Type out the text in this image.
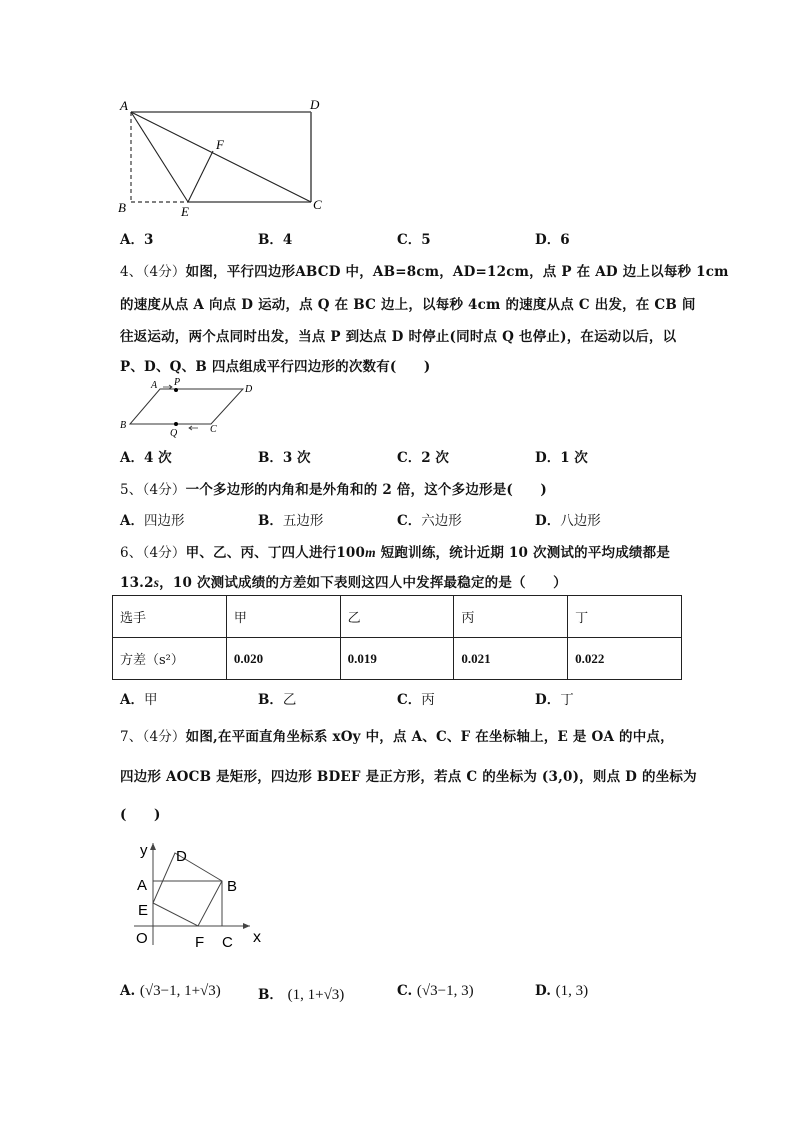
A	D
F
B	E	C
A．3	B．4	C．5	D．6
4、（4分）如图，平行四边形ABCD 中，AB=8cm，AD=12cm，点 P 在 AD 边上以每秒 1cm
的速度从点 A 向点 D 运动，点 Q 在 BC 边上，以每秒 4cm 的速度从点 C 出发，在 CB 间
往返运动，两个点同时出发，当点 P 到达点 D 时停止(同时点 Q 也停止)，在运动以后，以
P、D、Q、B 四点组成平行四边形的次数有(　　)
A P
D
B
Q	C
A．4 次	B．3 次	C．2 次	D．1 次
5、（4分）一个多边形的内角和是外角和的 2 倍，这个多边形是(　　)
A．四边形	B．五边形	C．六边形	D．八边形
6、（4分）甲、乙、丙、丁四人进行100m 短跑训练，统计近期 10 次测试的平均成绩都是
13.2s，10 次测试成绩的方差如下表则这四人中发挥最稳定的是（　　）
选手	甲	乙	丙	丁
方差（s²）	0.020	0.019	0.021	0.022
A．甲	B．乙	C．丙	D．丁
7、（4分）如图,在平面直角坐标系 xOy 中，点 A、C、F 在坐标轴上，E 是 OA 的中点，
四边形 AOCB 是矩形，四边形 BDEF 是正方形，若点 C 的坐标为 (3,0)，则点 D 的坐标为
(　　)
y D
A	B
E
O	F C x
A. (√3−1, 1+√3)	B． (1, 1+√3)	C. (√3−1, 3)	D. (1, 3)
